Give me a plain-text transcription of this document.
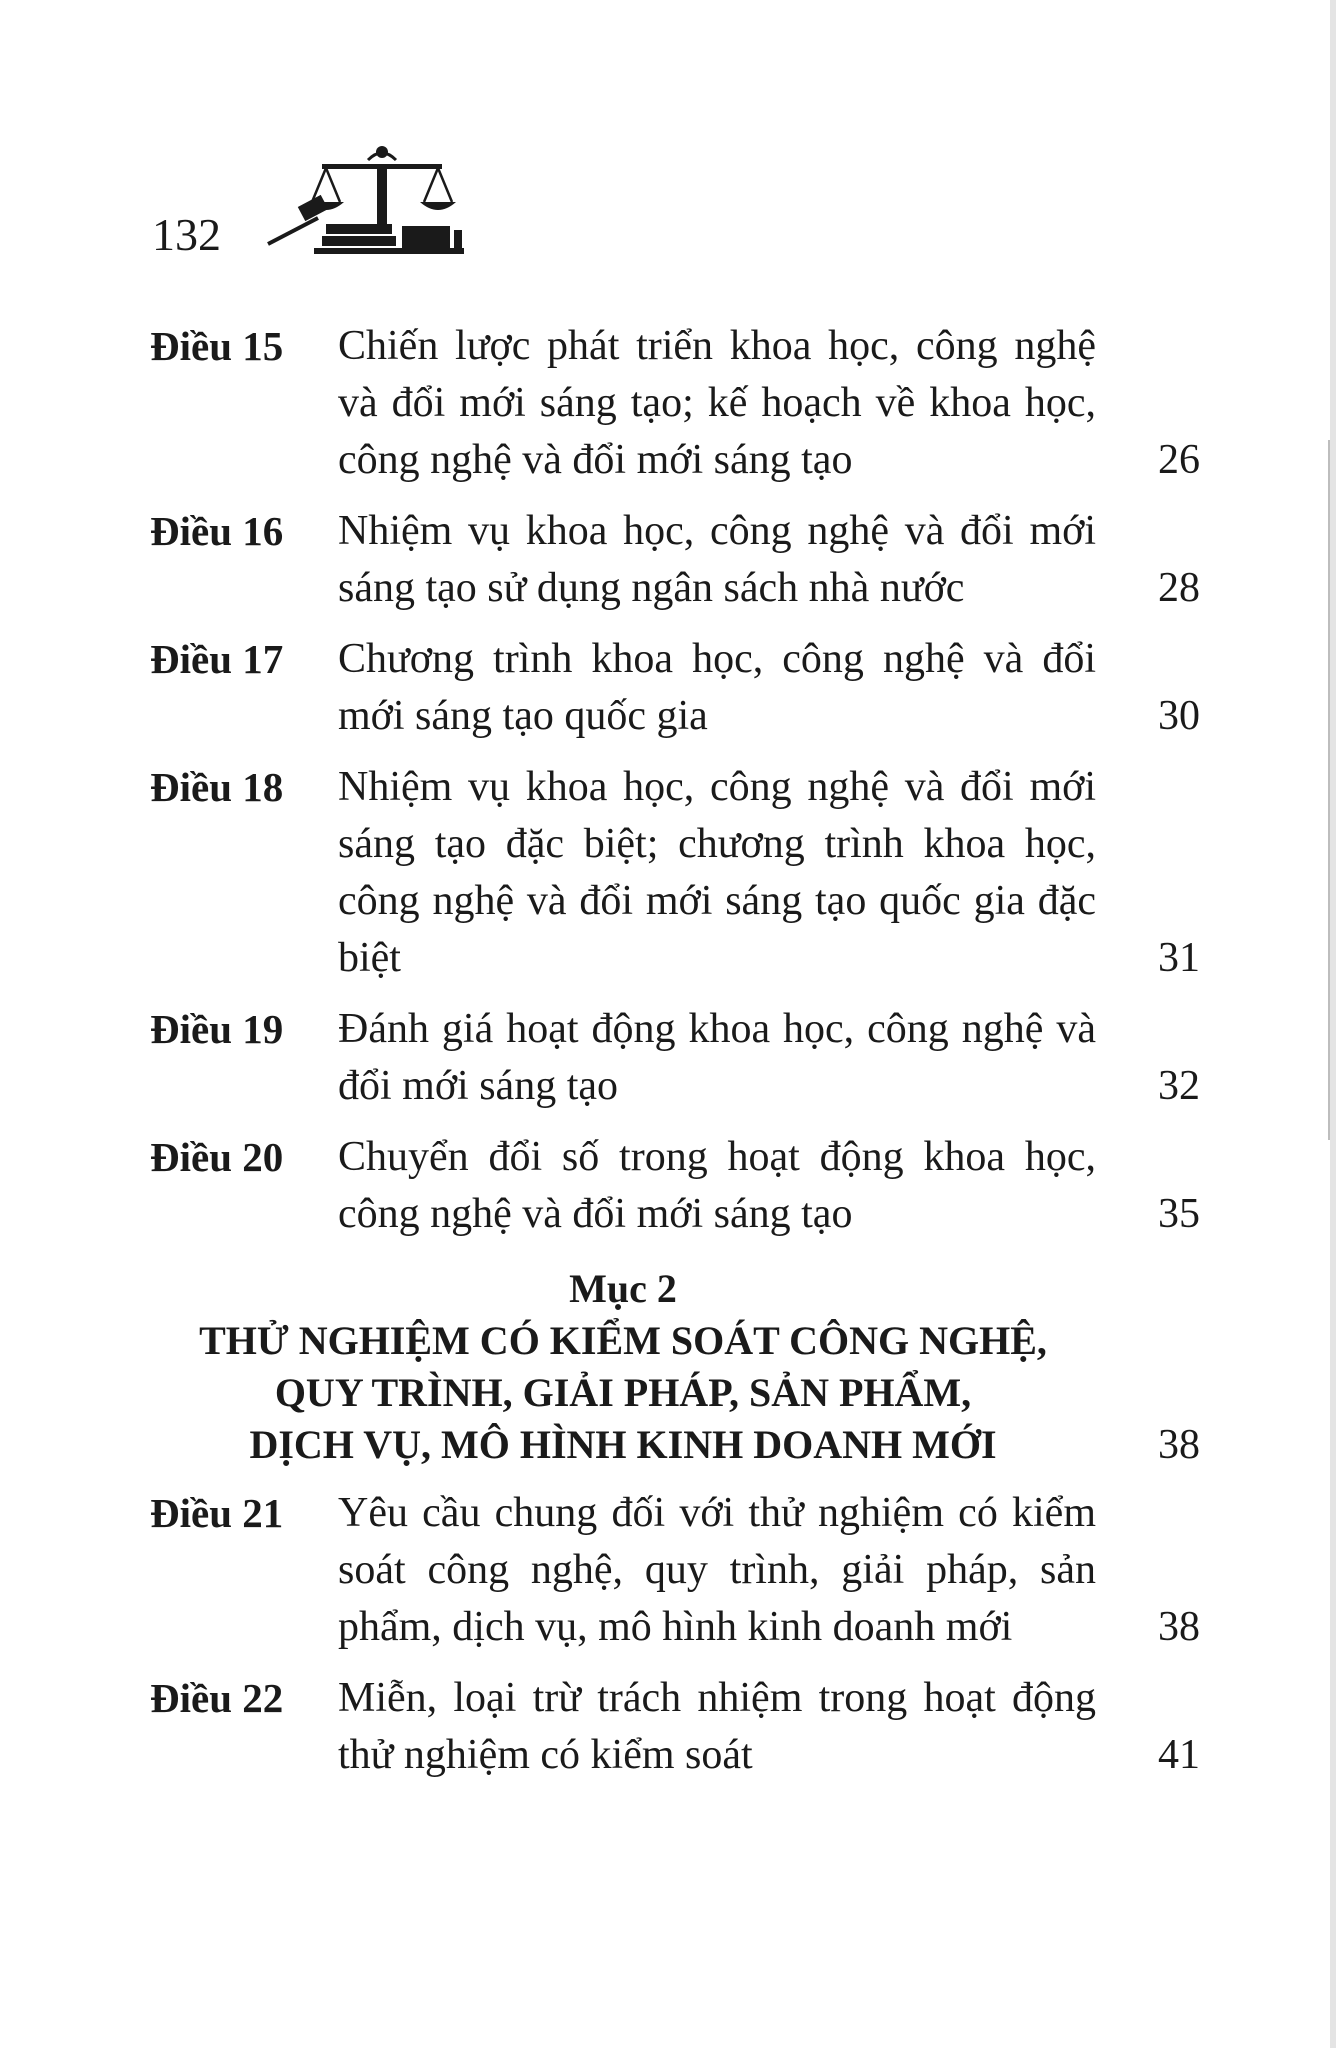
132
Điều 15	Chiến lược phát triển khoa học, công nghệ và đổi mới sáng tạo; kế hoạch về khoa học, công nghệ và đổi mới sáng tạo	26
Điều 16	Nhiệm vụ khoa học, công nghệ và đổi mới sáng tạo sử dụng ngân sách nhà nước	28
Điều 17	Chương trình khoa học, công nghệ và đổi mới sáng tạo quốc gia	30
Điều 18	Nhiệm vụ khoa học, công nghệ và đổi mới sáng tạo đặc biệt; chương trình khoa học, công nghệ và đổi mới sáng tạo quốc gia đặc biệt	31
Điều 19	Đánh giá hoạt động khoa học, công nghệ và đổi mới sáng tạo	32
Điều 20	Chuyển đổi số trong hoạt động khoa học, công nghệ và đổi mới sáng tạo	35
Mục 2
THỬ NGHIỆM CÓ KIỂM SOÁT CÔNG NGHỆ,
QUY TRÌNH, GIẢI PHÁP, SẢN PHẨM,
DỊCH VỤ, MÔ HÌNH KINH DOANH MỚI	38
Điều 21	Yêu cầu chung đối với thử nghiệm có kiểm soát công nghệ, quy trình, giải pháp, sản phẩm, dịch vụ, mô hình kinh doanh mới	38
Điều 22	Miễn, loại trừ trách nhiệm trong hoạt động thử nghiệm có kiểm soát	41
